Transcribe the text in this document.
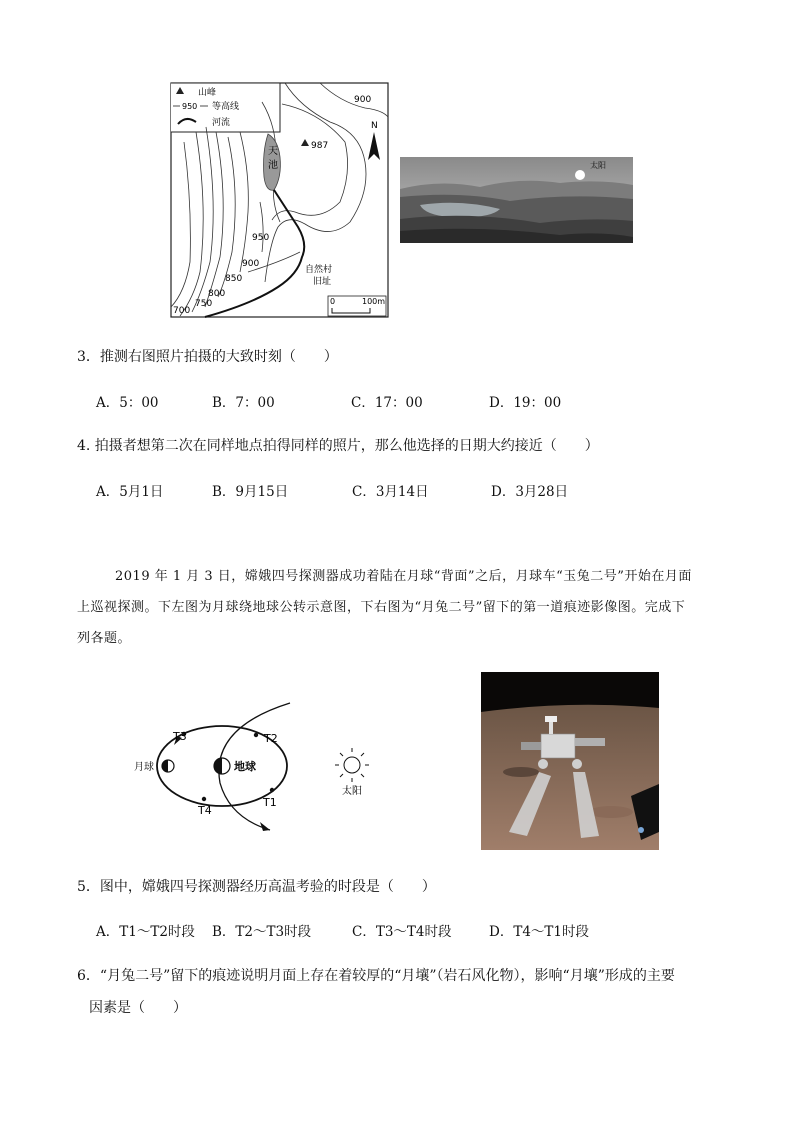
山峰
950 等高线
河流
天
池
987
N
900
950
900
850
800
750
700
自然村
旧址
0	100m
太阳
3．推测右图照片拍摄的大致时刻（　　）
A．5：00	B．7：00	C．17：00	D．19：00
4. 拍摄者想第二次在同样地点拍得同样的照片，那么他选择的日期大约接近（　　）
A．5月1日	B．9月15日	C．3月14日	D．3月28日
2019 年 1 月 3 日，嫦娥四号探测器成功着陆在月球“背面”之后，月球车“玉兔二号”开始在月面
上巡视探测。下左图为月球绕地球公转示意图，下右图为“月兔二号”留下的第一道痕迹影像图。完成下
列各题。
地球
月球
T3	T2
T1
T4
太阳
5．图中，嫦娥四号探测器经历高温考验的时段是（　　）
A．T1～T2时段 B．T2～T3时段	C．T3～T4时段	D．T4～T1时段
6．“月兔二号”留下的痕迹说明月面上存在着较厚的“月壤”（岩石风化物），影响“月壤”形成的主要
因素是（　　）
